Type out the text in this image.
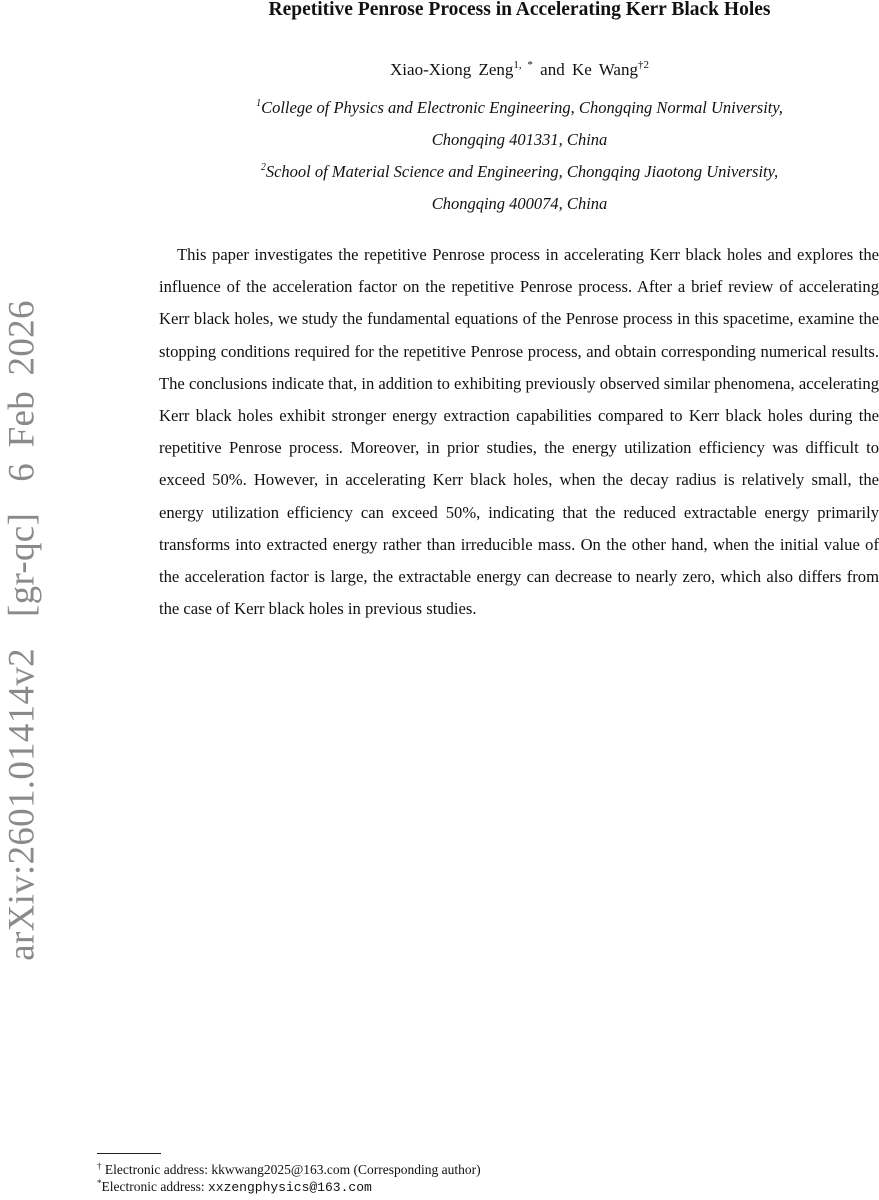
arXiv:2601.01414v2  [gr-qc]  6 Feb 2026
Repetitive Penrose Process in Accelerating Kerr Black Holes
Xiao-Xiong Zeng$^{1, *}$ and Ke Wang$^{\dagger 2}$
$^1$College of Physics and Electronic Engineering, Chongqing Normal University,
Chongqing 401331, China
$^2$School of Material Science and Engineering, Chongqing Jiaotong University,
Chongqing 400074, China

This paper investigates the repetitive Penrose process in accelerating Kerr black holes and explores the influence of the acceleration factor on the repetitive Penrose process. After a brief review of accelerating Kerr black holes, we study the fundamental equations of the Penrose process in this spacetime, examine the stopping conditions required for the repetitive Penrose process, and obtain corresponding numerical results. The conclusions indicate that, in addition to exhibiting previously observed similar phenomena, accelerating Kerr black holes exhibit stronger energy extraction capabilities compared to Kerr black holes during the repetitive Penrose process. Moreover, in prior studies, the energy utilization efficiency was difficult to exceed 50%. However, in accelerating Kerr black holes, when the decay radius is relatively small, the energy utilization efficiency can exceed 50%, indicating that the reduced extractable energy primarily transforms into extracted energy rather than irreducible mass. On the other hand, when the initial value of the acceleration factor is large, the extractable energy can decrease to nearly zero, which also differs from the case of Kerr black holes in previous studies.

† Electronic address: kkwwang2025@163.com (Corresponding author)
*Electronic address: xxzengphysics@163.com
